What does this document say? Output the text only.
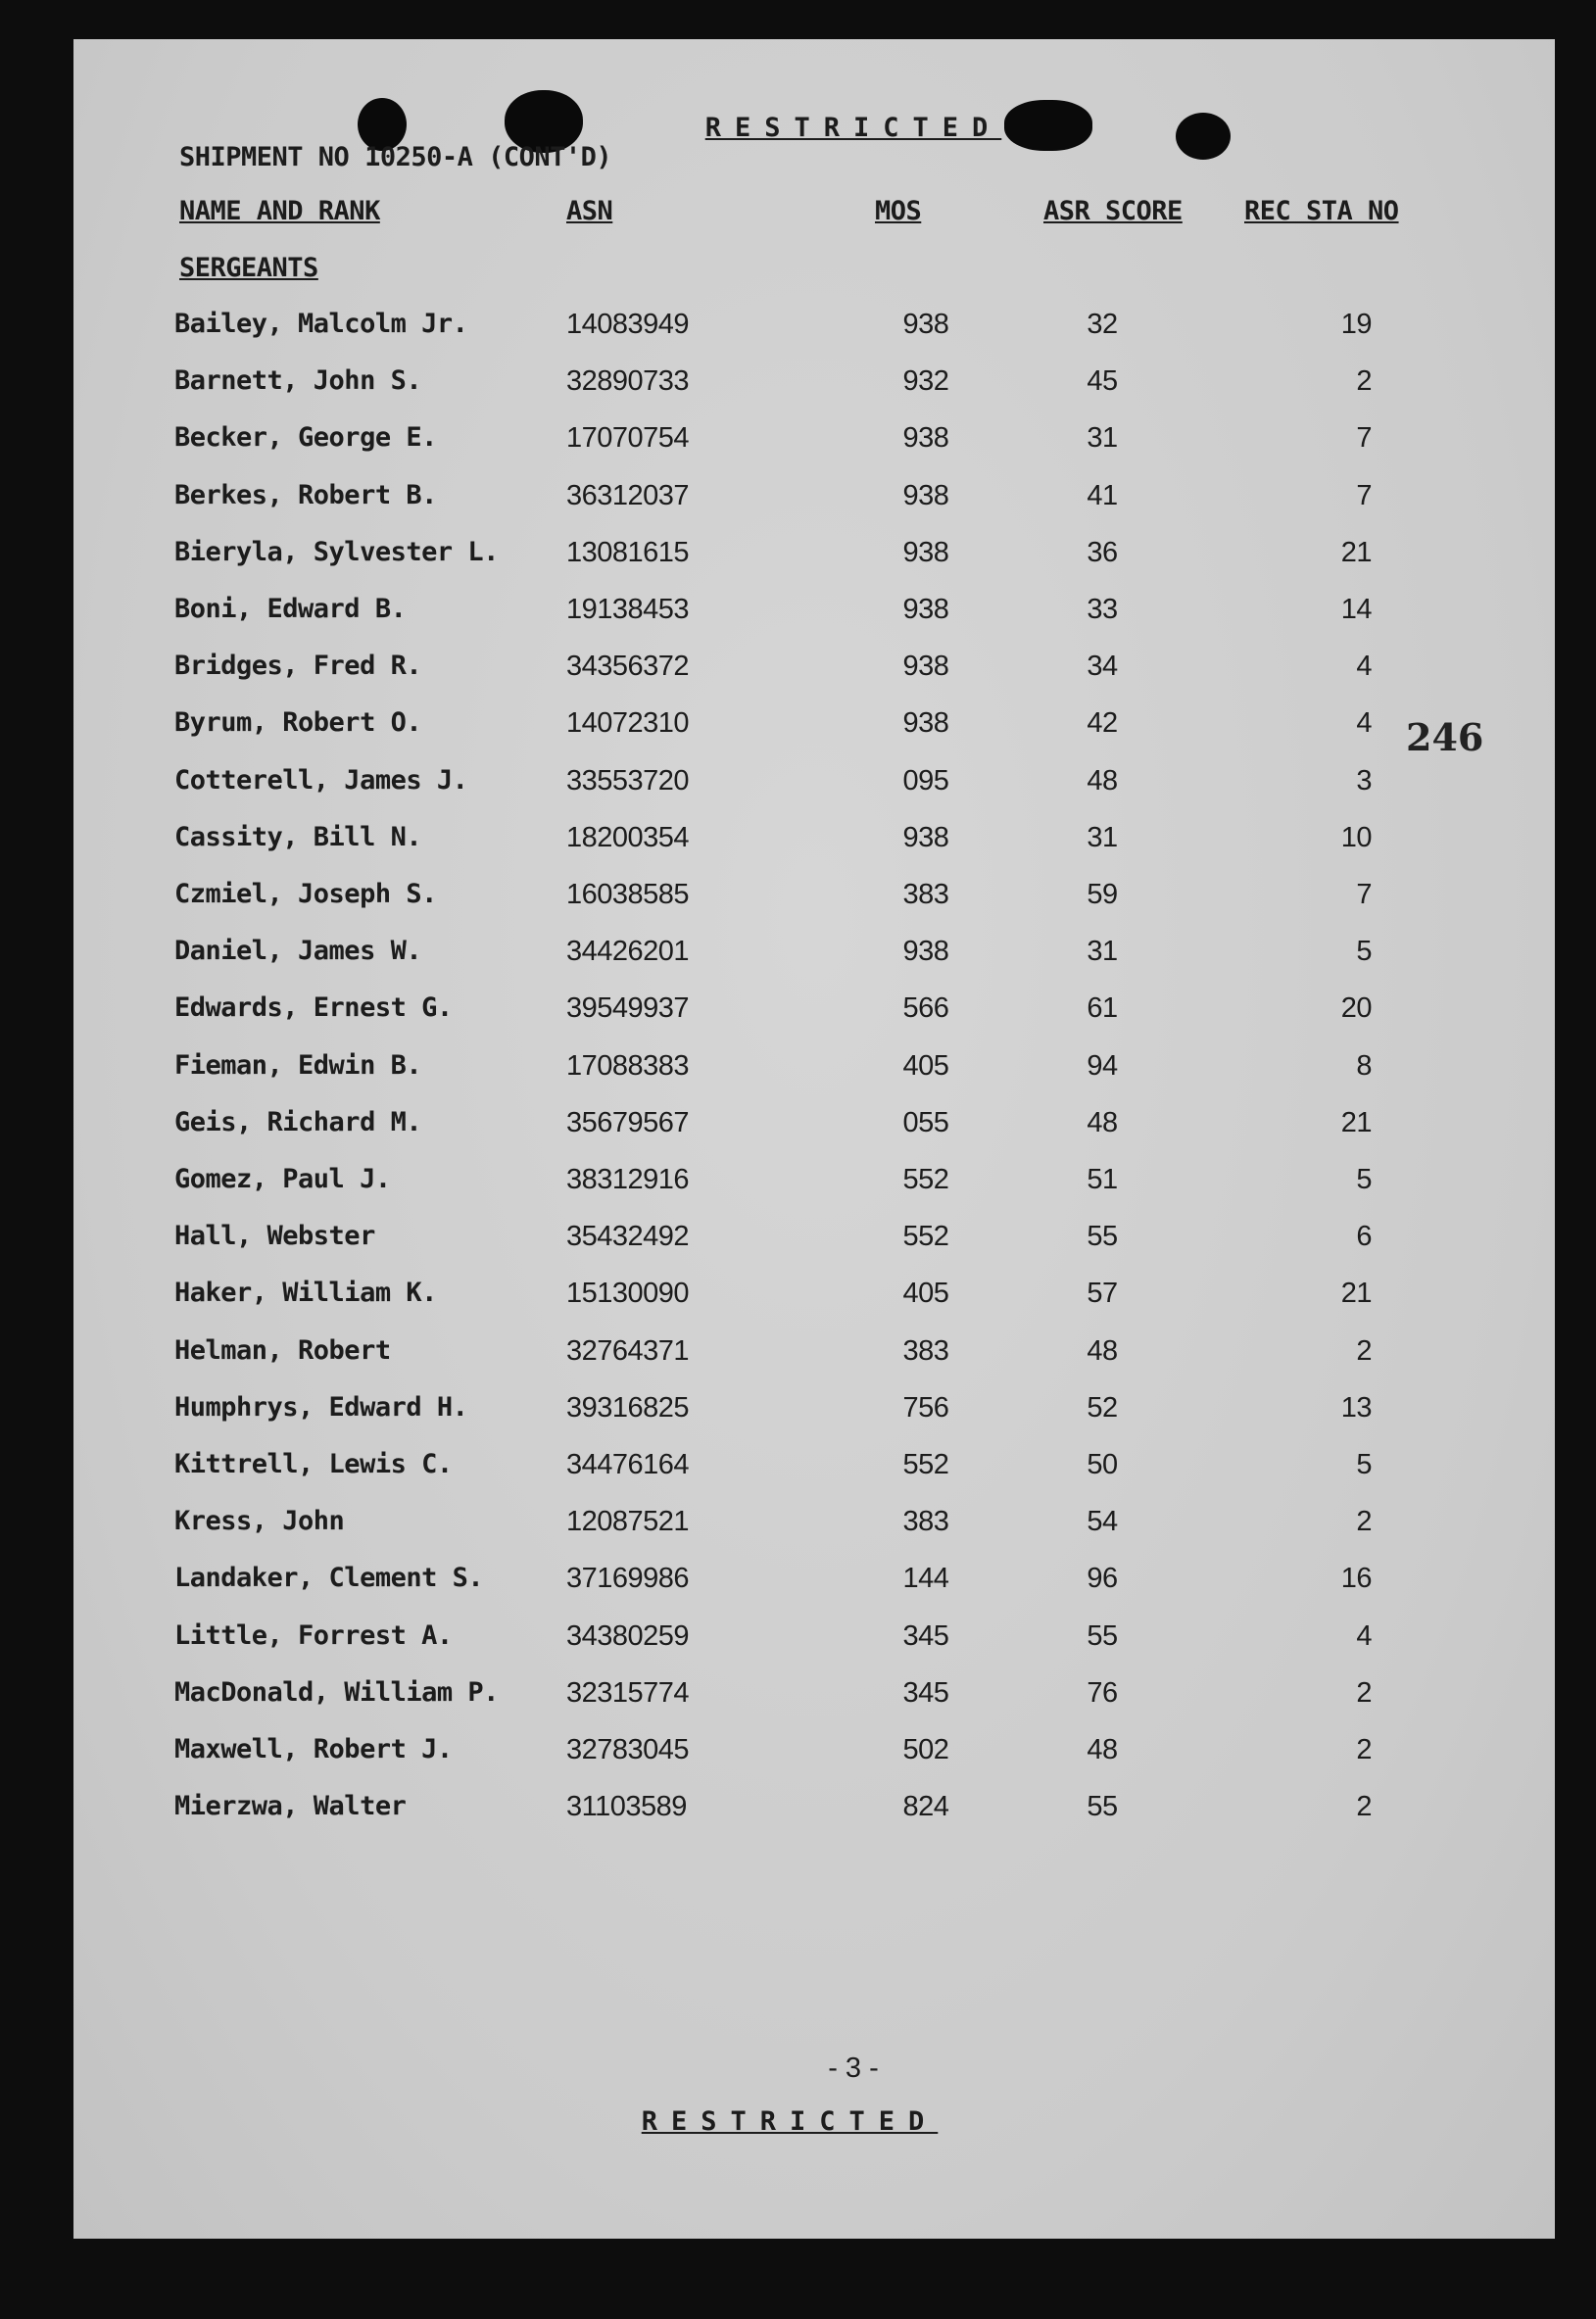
RESTRICTED
SHIPMENT NO 10250-A (CONT'D)
NAME AND RANK	ASN	MOS	ASR SCORE REC STA NO
SERGEANTS
Bailey, Malcolm Jr.	14083949	938	32	19
Barnett, John S.	32890733	932	45	2
Becker, George E.	17070754	938	31	7
Berkes, Robert B.	36312037	938	41	7
Bieryla, Sylvester L. 13081615	938	36	21
Boni, Edward B.	19138453	938	33	14
Bridges, Fred R.	34356372	938	34	4
Byrum, Robert O.	14072310	938	42	4
Cotterell, James J.	33553720	095	48	3
Cassity, Bill N.	18200354	938	31	10
Czmiel, Joseph S.	16038585	383	59	7
Daniel, James W.	34426201	938	31	5
Edwards, Ernest G.	39549937	566	61	20
Fieman, Edwin B.	17088383	405	94	8
Geis, Richard M.	35679567	055	48	21
Gomez, Paul J.	38312916	552	51	5
Hall, Webster	35432492	552	55	6
Haker, William K.	15130090	405	57	21
Helman, Robert	32764371	383	48	2
Humphrys, Edward H.	39316825	756	52	13
Kittrell, Lewis C.	34476164	552	50	5
Kress, John	12087521	383	54	2
Landaker, Clement S.	37169986	144	96	16
Little, Forrest A.	34380259	345	55	4
MacDonald, William P. 32315774	345	76	2
Maxwell, Robert J.	32783045	502	48	2
Mierzwa, Walter	31103589	824	55	2
246
- 3 -
RESTRICTED
